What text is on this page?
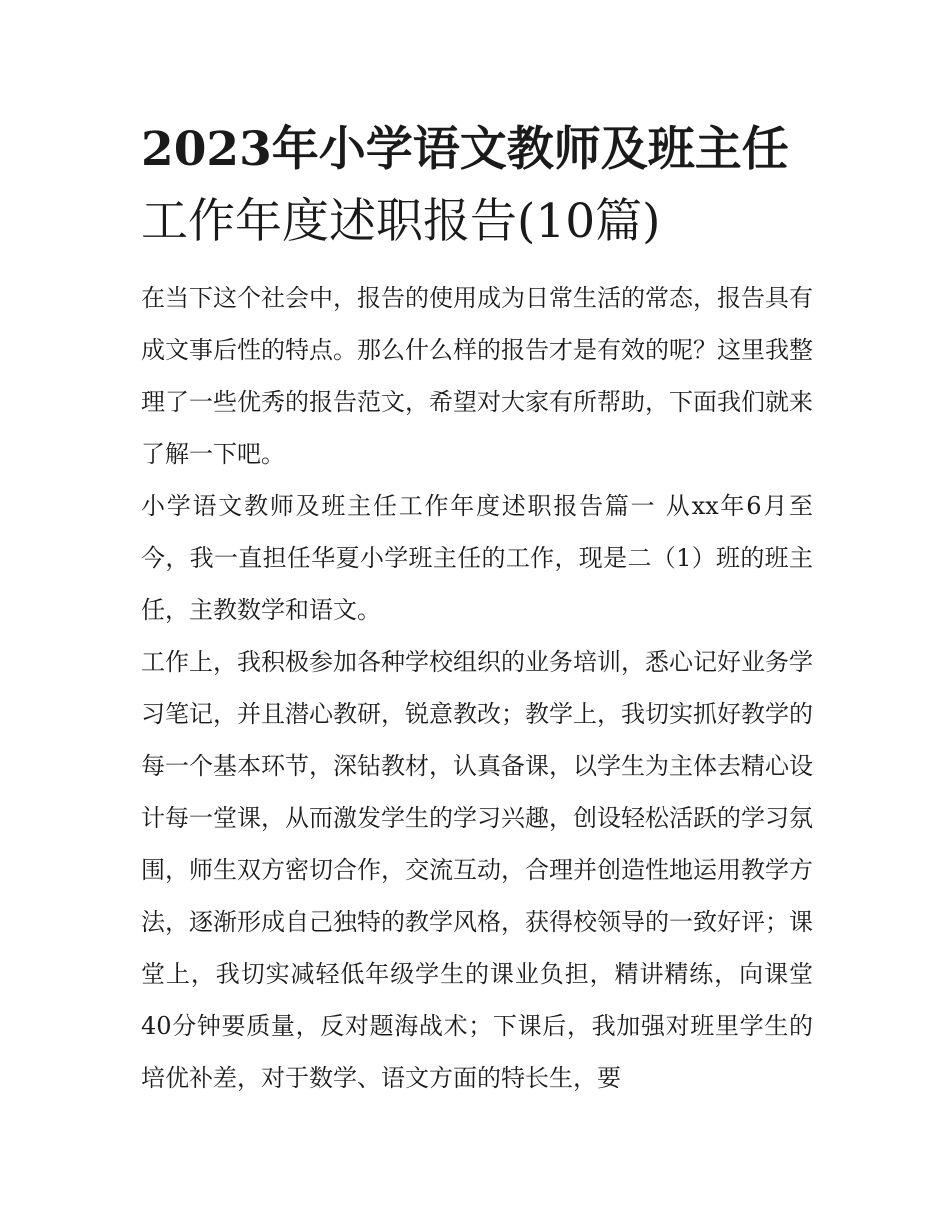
2023年小学语文教师及班主任
工作年度述职报告(10篇)

在当下这个社会中，报告的使用成为日常生活的常态，报告具有成文事后性的特点。那么什么样的报告才是有效的呢？这里我整理了一些优秀的报告范文，希望对大家有所帮助，下面我们就来了解一下吧。

小学语文教师及班主任工作年度述职报告篇一 从xx年6月至今，我一直担任华夏小学班主任的工作，现是二（1）班的班主任，主教数学和语文。

工作上，我积极参加各种学校组织的业务培训，悉心记好业务学习笔记，并且潜心教研，锐意教改；教学上，我切实抓好教学的每一个基本环节，深钻教材，认真备课，以学生为主体去精心设计每一堂课，从而激发学生的学习兴趣，创设轻松活跃的学习氛围，师生双方密切合作，交流互动，合理并创造性地运用教学方法，逐渐形成自己独特的教学风格，获得校领导的一致好评；课堂上，我切实减轻低年级学生的课业负担，精讲精练，向课堂40分钟要质量，反对题海战术；下课后，我加强对班里学生的培优补差，对于数学、语文方面的特长生，要
